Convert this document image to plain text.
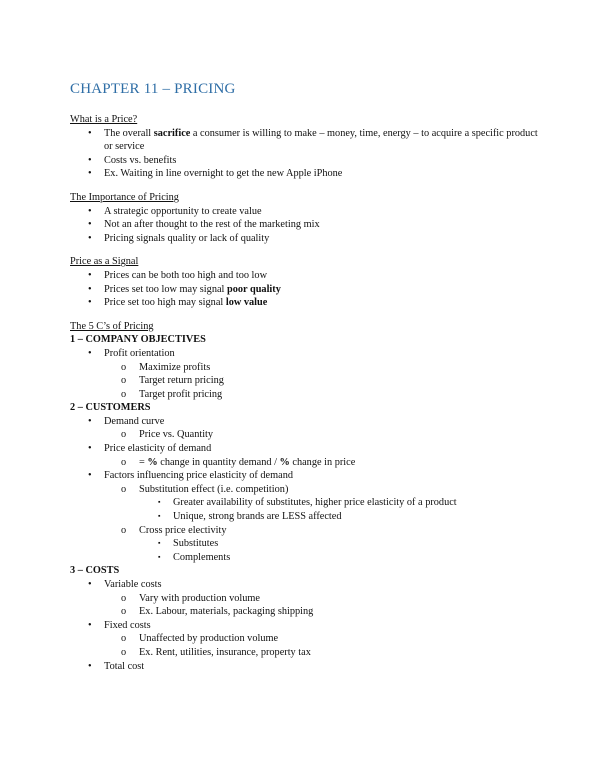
CHAPTER 11 – PRICING
What is a Price?
• The overall sacrifice a consumer is willing to make – money, time, energy – to acquire a specific product or service
• Costs vs. benefits
• Ex. Waiting in line overnight to get the new Apple iPhone
The Importance of Pricing
• A strategic opportunity to create value
• Not an after thought to the rest of the marketing mix
• Pricing signals quality or lack of quality
Price as a Signal
• Prices can be both too high and too low
• Prices set too low may signal poor quality
• Price set too high may signal low value
The 5 C’s of Pricing
1 – COMPANY OBJECTIVES
• Profit orientation
o Maximize profits
o Target return pricing
o Target profit pricing
2 – CUSTOMERS
• Demand curve
o Price vs. Quantity
• Price elasticity of demand
o = % change in quantity demand / % change in price
• Factors influencing price elasticity of demand
o Substitution effect (i.e. competition)
▪ Greater availability of substitutes, higher price elasticity of a product
▪ Unique, strong brands are LESS affected
o Cross price electivity
▪ Substitutes
▪ Complements
3 – COSTS
• Variable costs
o Vary with production volume
o Ex. Labour, materials, packaging shipping
• Fixed costs
o Unaffected by production volume
o Ex. Rent, utilities, insurance, property tax
• Total cost
